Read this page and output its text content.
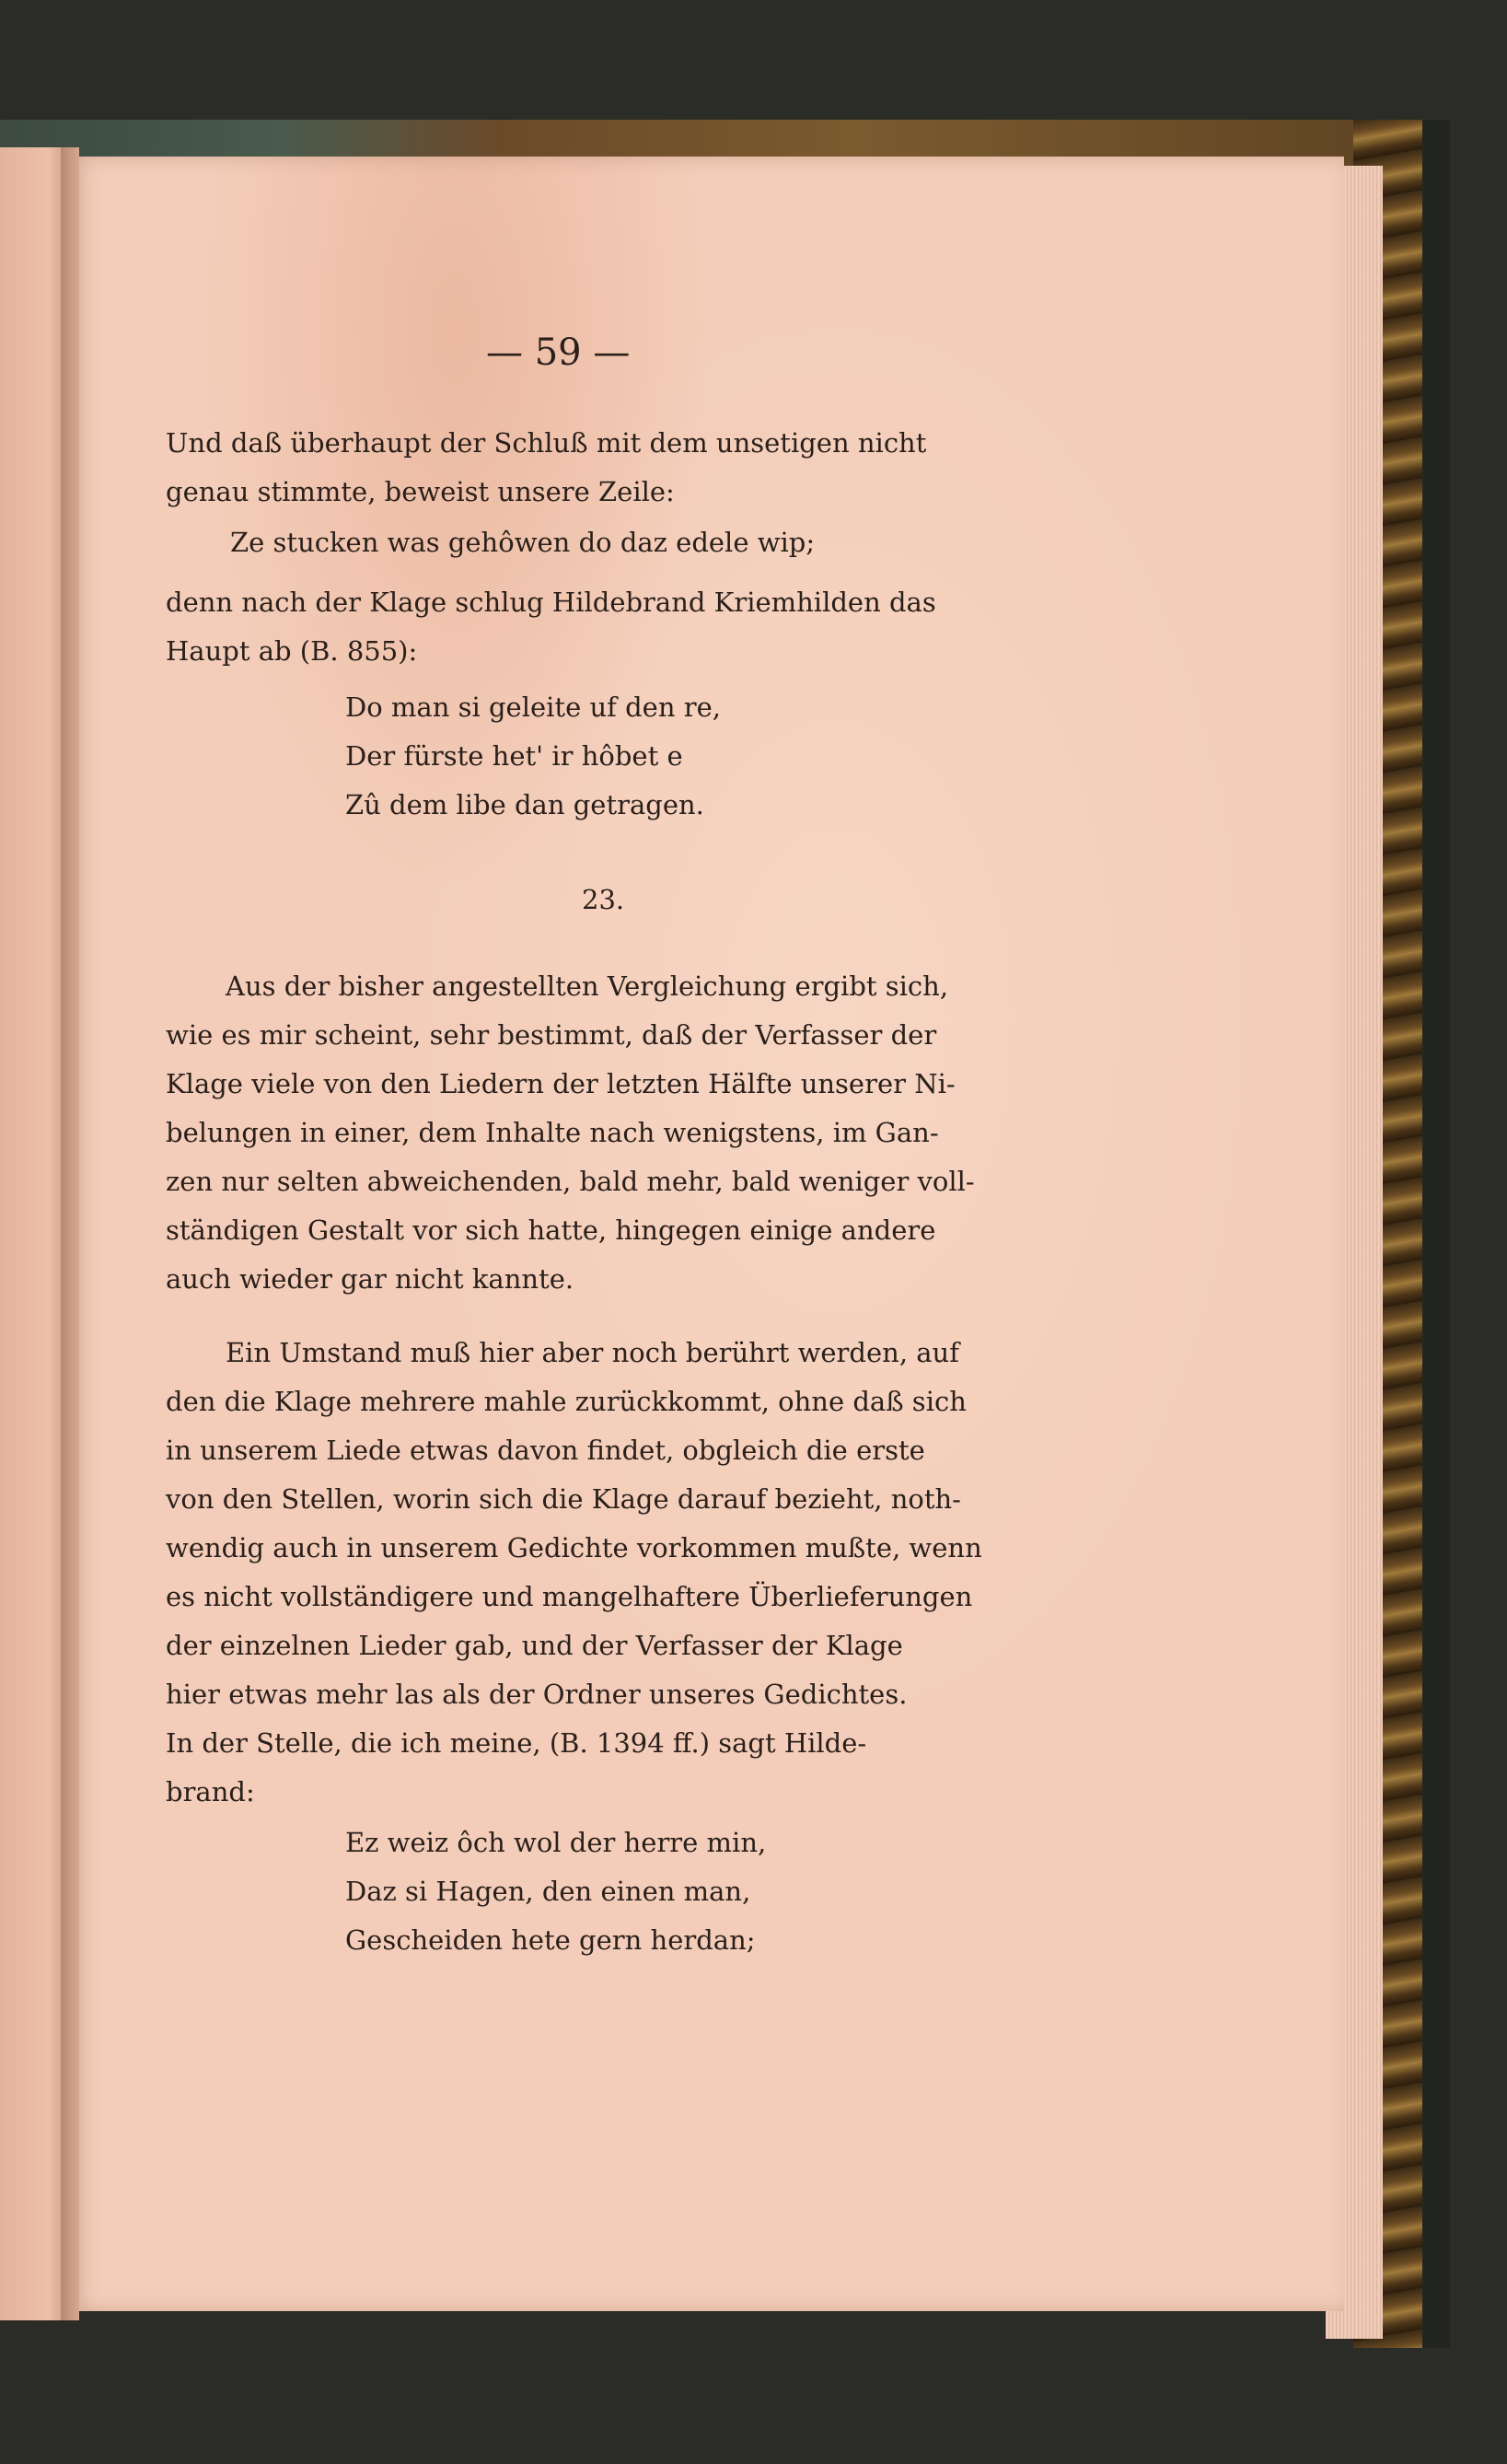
— 59 —

Und daß überhaupt der Schluß mit dem unsetigen nicht

genau stimmte, beweist unsere Zeile:

Ze stucken was gehôwen do daz edele wip;

denn nach der Klage schlug Hildebrand Kriemhilden das

Haupt ab (B. 855):

Do man si geleite uf den re,

Der fürste het' ir hôbet e

Zû dem libe dan getragen.

23.

Aus der bisher angestellten Vergleichung ergibt sich,

wie es mir scheint, sehr bestimmt, daß der Verfasser der

Klage viele von den Liedern der letzten Hälfte unserer Ni-

belungen in einer, dem Inhalte nach wenigstens, im Gan-

zen nur selten abweichenden, bald mehr, bald weniger voll-

ständigen Gestalt vor sich hatte, hingegen einige andere

auch wieder gar nicht kannte.

Ein Umstand muß hier aber noch berührt werden, auf

den die Klage mehrere mahle zurückkommt, ohne daß sich

in unserem Liede etwas davon findet, obgleich die erste

von den Stellen, worin sich die Klage darauf bezieht, noth-

wendig auch in unserem Gedichte vorkommen mußte, wenn

es nicht vollständigere und mangelhaftere Überlieferungen

der einzelnen Lieder gab, und der Verfasser der Klage

hier etwas mehr las als der Ordner unseres Gedichtes.

In der Stelle, die ich meine, (B. 1394 ff.) sagt Hilde-

brand:

Ez weiz ôch wol der herre min,

Daz si Hagen, den einen man,

Gescheiden hete gern herdan;
